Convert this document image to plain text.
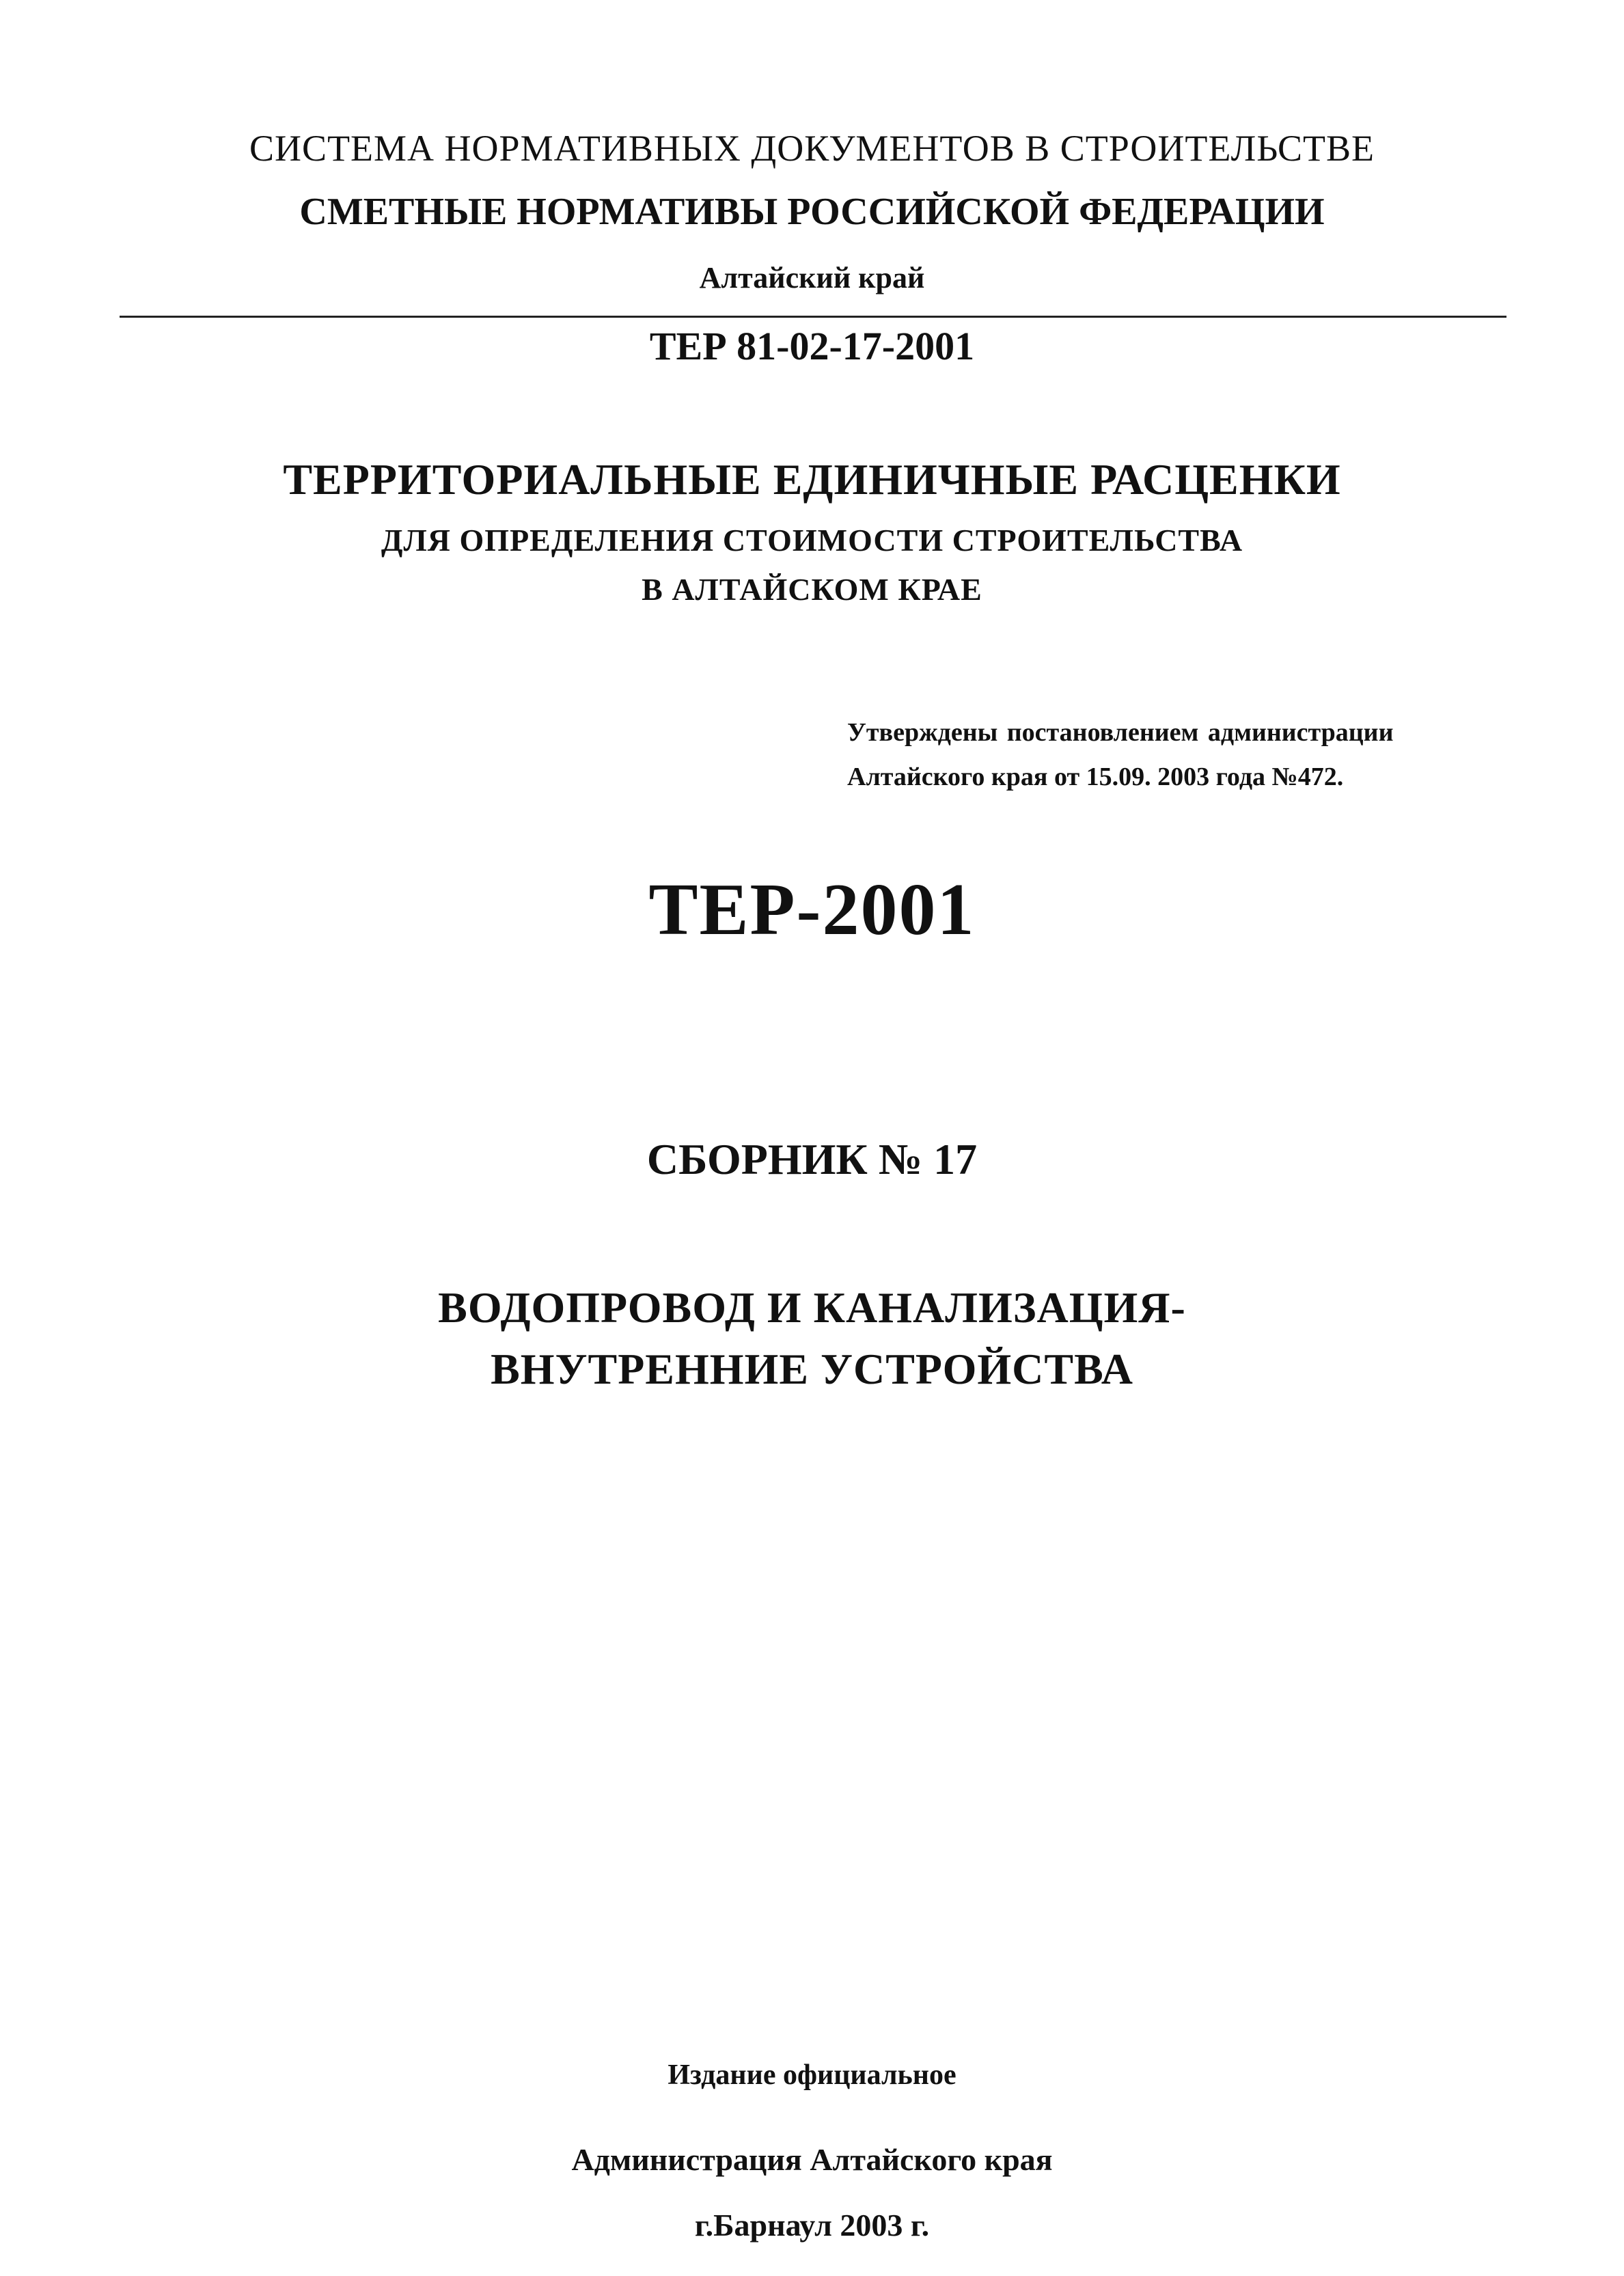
СИСТЕМА НОРМАТИВНЫХ ДОКУМЕНТОВ В СТРОИТЕЛЬСТВЕ
СМЕТНЫЕ НОРМАТИВЫ РОССИЙСКОЙ ФЕДЕРАЦИИ
Алтайский край
ТЕР 81-02-17-2001
ТЕРРИТОРИАЛЬНЫЕ ЕДИНИЧНЫЕ РАСЦЕНКИ
ДЛЯ ОПРЕДЕЛЕНИЯ СТОИМОСТИ СТРОИТЕЛЬСТВА
В АЛТАЙСКОМ КРАЕ
Утверждены постановлением администрации
Алтайского края от 15.09. 2003 года №472.
ТЕР-2001
СБОРНИК № 17
ВОДОПРОВОД И КАНАЛИЗАЦИЯ-
ВНУТРЕННИЕ УСТРОЙСТВА
Издание официальное
Администрация Алтайского края
г.Барнаул 2003 г.
